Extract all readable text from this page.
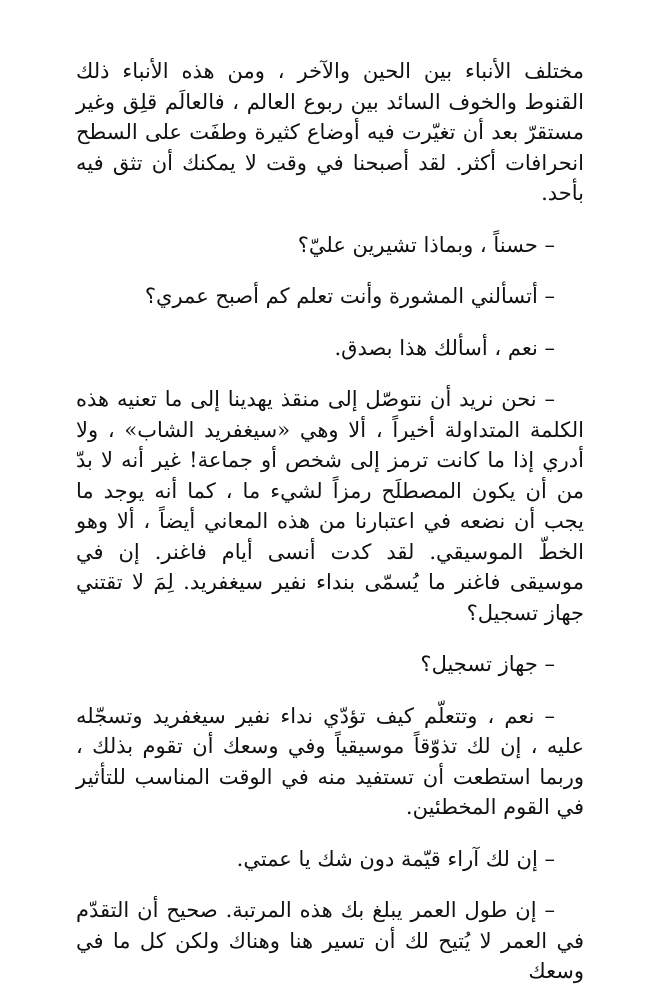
مختلف الأنباء بين الحين والآخر ، ومن هذه الأنباء ذلك القنوط والخوف السائد بين ربوع العالم ، فالعالَم قلِق وغير مستقرّ بعد أن تغيّرت فيه أوضاع كثيرة وطفَت على السطح انحرافات أكثر. لقد أصبحنا في وقت لا يمكنك أن تثق فيه بأحد.

– حسناً ، وبماذا تشيرين عليّ؟

– أتسألني المشورة وأنت تعلم كم أصبح عمري؟

– نعم ، أسألك هذا بصدق.

– نحن نريد أن نتوصّل إلى منقذ يهدينا إلى ما تعنيه هذه الكلمة المتداولة أخيراً ، ألا وهي «سيغفريد الشاب» ، ولا أدري إذا ما كانت ترمز إلى شخص أو جماعة! غير أنه لا بدّ من أن يكون المصطلَح رمزاً لشيء ما ، كما أنه يوجد ما يجب أن نضعه في اعتبارنا من هذه المعاني أيضاً ، ألا وهو الخطّ الموسيقي. لقد كدت أنسى أيام فاغنر. إن في موسيقى فاغنر ما يُسمّى بنداء نفير سيغفريد. لِمَ لا تقتني جهاز تسجيل؟

– جهاز تسجيل؟

– نعم ، وتتعلّم كيف تؤدّي نداء نفير سيغفريد وتسجّله عليه ، إن لك تذوّقاً موسيقياً وفي وسعك أن تقوم بذلك ، وربما استطعت أن تستفيد منه في الوقت المناسب للتأثير في القوم المخطئين.

– إن لك آراء قيّمة دون شك يا عمتي.

– إن طول العمر يبلغ بك هذه المرتبة. صحيح أن التقدّم في العمر لا يُتيح لك أن تسير هنا وهناك ولكن كل ما في وسعك
